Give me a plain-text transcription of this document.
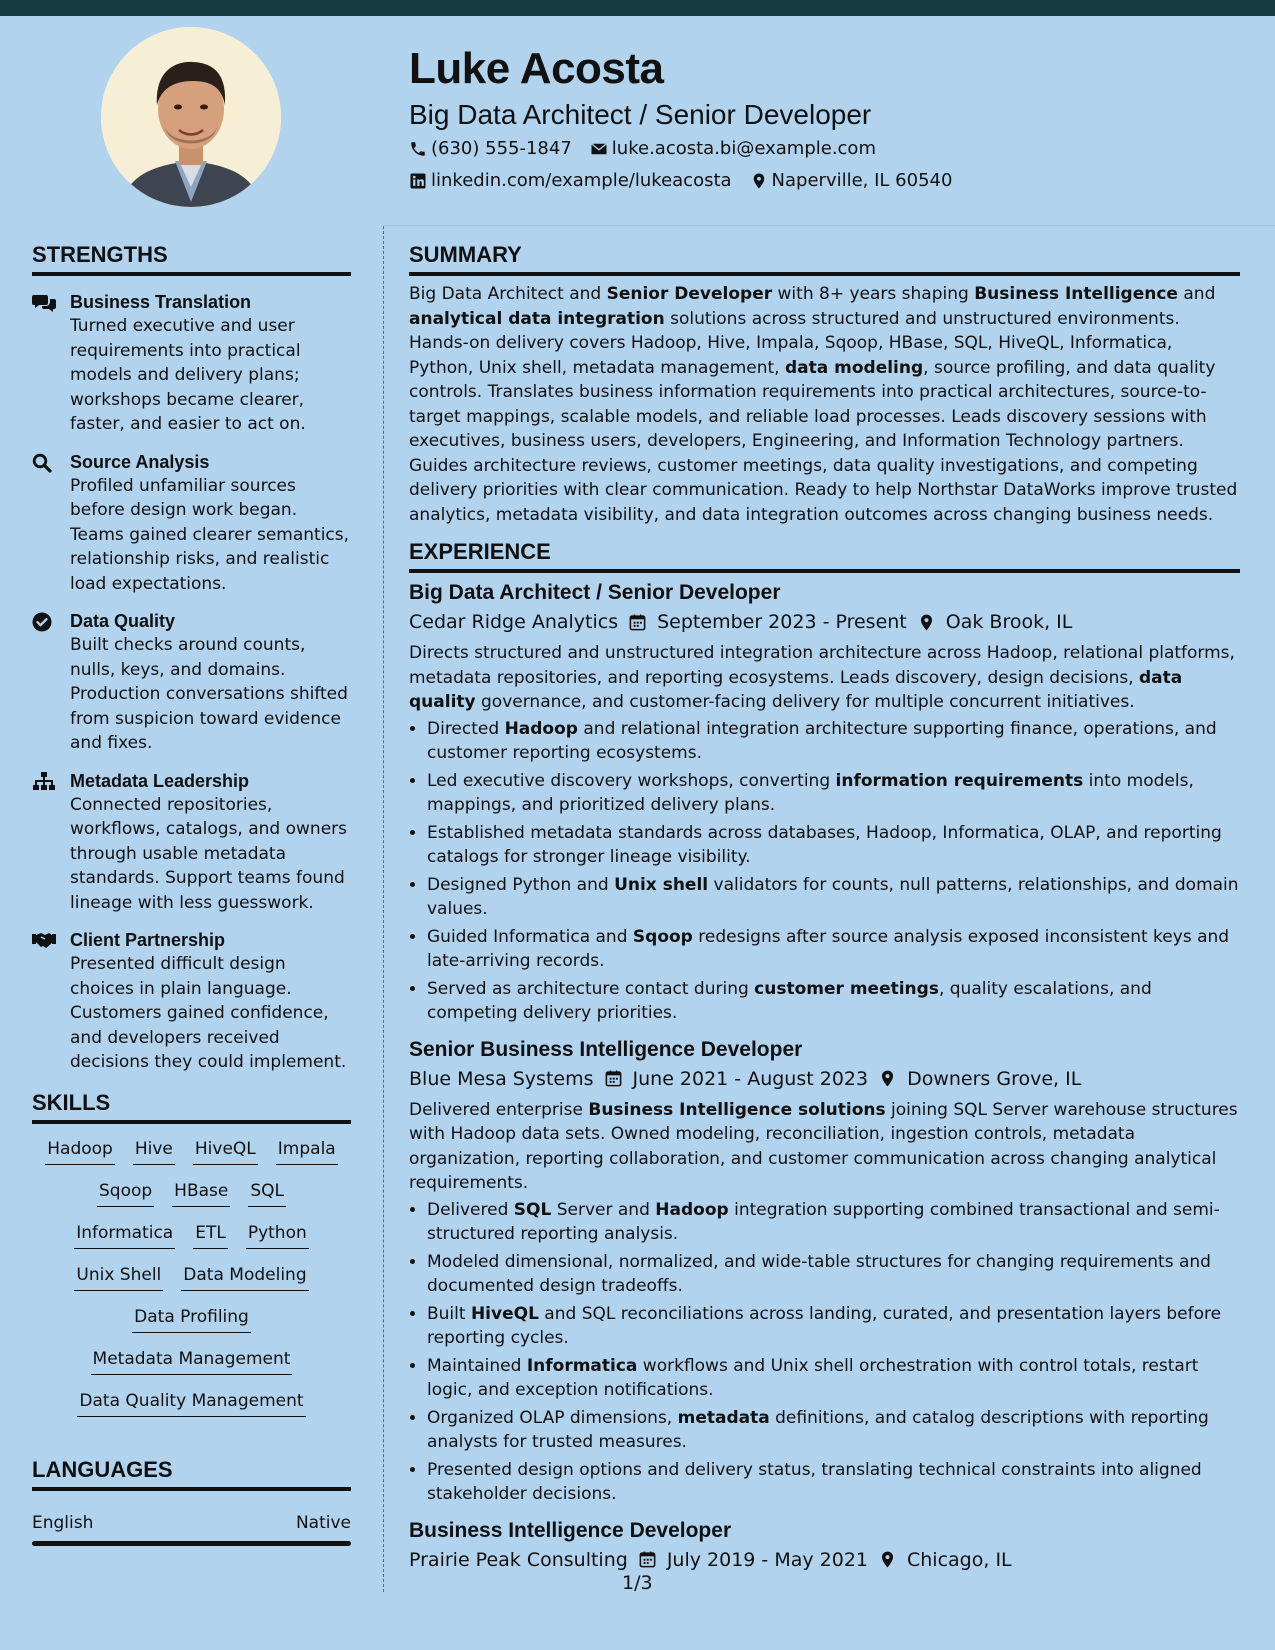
Luke Acosta
Big Data Architect / Senior Developer
(630) 555-1847 luke.acosta.bi@example.com
linkedin.com/example/lukeacosta Naperville, IL 60540
STRENGTHS
Business Translation
Turned executive and user requirements into practical models and delivery plans; workshops became clearer, faster, and easier to act on.
Source Analysis
Profiled unfamiliar sources before design work began. Teams gained clearer semantics, relationship risks, and realistic load expectations.
Data Quality
Built checks around counts, nulls, keys, and domains. Production conversations shifted from suspicion toward evidence and fixes.
Metadata Leadership
Connected repositories, workflows, catalogs, and owners through usable metadata standards. Support teams found lineage with less guesswork.
Client Partnership
Presented difficult design choices in plain language. Customers gained confidence, and developers received decisions they could implement.
SKILLS
Hadoop Hive HiveQL Impala
Sqoop HBase SQL
Informatica ETL Python
Unix Shell Data Modeling
Data Profiling
Metadata Management
Data Quality Management
LANGUAGES
English	Native
SUMMARY
Big Data Architect and Senior Developer with 8+ years shaping Business Intelligence and analytical data integration solutions across structured and unstructured environments. Hands-on delivery covers Hadoop, Hive, Impala, Sqoop, HBase, SQL, HiveQL, Informatica, Python, Unix shell, metadata management, data modeling, source profiling, and data quality controls. Translates business information requirements into practical architectures, source-to-target mappings, scalable models, and reliable load processes. Leads discovery sessions with executives, business users, developers, Engineering, and Information Technology partners. Guides architecture reviews, customer meetings, data quality investigations, and competing delivery priorities with clear communication. Ready to help Northstar DataWorks improve trusted analytics, metadata visibility, and data integration outcomes across changing business needs.
EXPERIENCE
Big Data Architect / Senior Developer
Cedar Ridge Analytics September 2023 - Present Oak Brook, IL
Directs structured and unstructured integration architecture across Hadoop, relational platforms, metadata repositories, and reporting ecosystems. Leads discovery, design decisions, data quality governance, and customer-facing delivery for multiple concurrent initiatives.
• Directed Hadoop and relational integration architecture supporting finance, operations, and customer reporting ecosystems.
• Led executive discovery workshops, converting information requirements into models, mappings, and prioritized delivery plans.
• Established metadata standards across databases, Hadoop, Informatica, OLAP, and reporting catalogs for stronger lineage visibility.
• Designed Python and Unix shell validators for counts, null patterns, relationships, and domain values.
• Guided Informatica and Sqoop redesigns after source analysis exposed inconsistent keys and late-arriving records.
• Served as architecture contact during customer meetings, quality escalations, and competing delivery priorities.
Senior Business Intelligence Developer
Blue Mesa Systems June 2021 - August 2023 Downers Grove, IL
Delivered enterprise Business Intelligence solutions joining SQL Server warehouse structures with Hadoop data sets. Owned modeling, reconciliation, ingestion controls, metadata organization, reporting collaboration, and customer communication across changing analytical requirements.
• Delivered SQL Server and Hadoop integration supporting combined transactional and semi-structured reporting analysis.
• Modeled dimensional, normalized, and wide-table structures for changing requirements and documented design tradeoffs.
• Built HiveQL and SQL reconciliations across landing, curated, and presentation layers before reporting cycles.
• Maintained Informatica workflows and Unix shell orchestration with control totals, restart logic, and exception notifications.
• Organized OLAP dimensions, metadata definitions, and catalog descriptions with reporting analysts for trusted measures.
• Presented design options and delivery status, translating technical constraints into aligned stakeholder decisions.
Business Intelligence Developer
Prairie Peak Consulting July 2019 - May 2021 Chicago, IL
1/3
